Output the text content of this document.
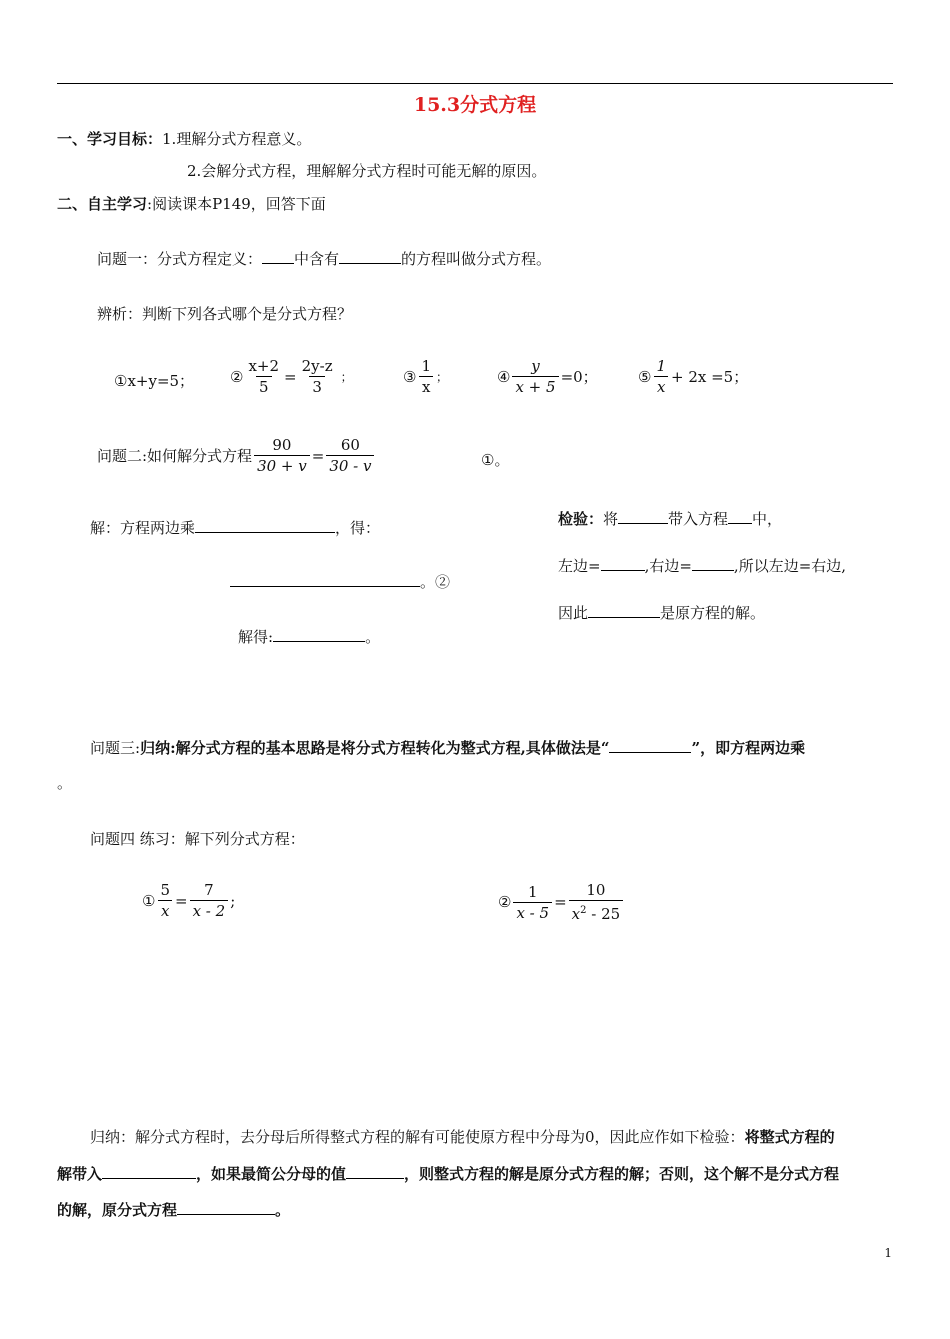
15.3分式方程
一、学习目标：1.理解分式方程意义。
2.会解分式方程，理解解分式方程时可能无解的原因。
二、自主学习:阅读课本P149，回答下面
问题一：分式方程定义： 中含有	的方程叫做分式方程。
辨析：判断下列各式哪个是分式方程？
①x+y=5； ② $\frac{x+2}{5} = \frac{2y-z}{3}$ ；	③ $\frac{1}{x}$ ；	④ $\frac{y}{x + 5} =0$；	⑤ $\frac{1}{x} + 2x =5$；
问题二:如何解分式方程 $\frac{90}{30 + v} = \frac{60}{30 - v}$	①。
解：方程两边乘	，得：
。②
解得:	。
检验：将	带入方程 中，
左边=	,右边=	,所以左边=右边,
因此	是原方程的解。
问题三:归纳:解分式方程的基本思路是将分式方程转化为整式方程,具体做法是“	”，即方程两边乘
。
问题四 练习：解下列分式方程：
① $\frac{5}{x} = \frac{7}{x - 2}$ ;	② $\frac{1}{x - 5} = \frac{10}{x^2 - 25}$
归纳：解分式方程时，去分母后所得整式方程的解有可能使原方程中分母为0，因此应作如下检验：将整式方程的
解带入	，如果最简公分母的值	，则整式方程的解是原分式方程的解；否则，这个解不是分式方程
的解，原分式方程	。
1
